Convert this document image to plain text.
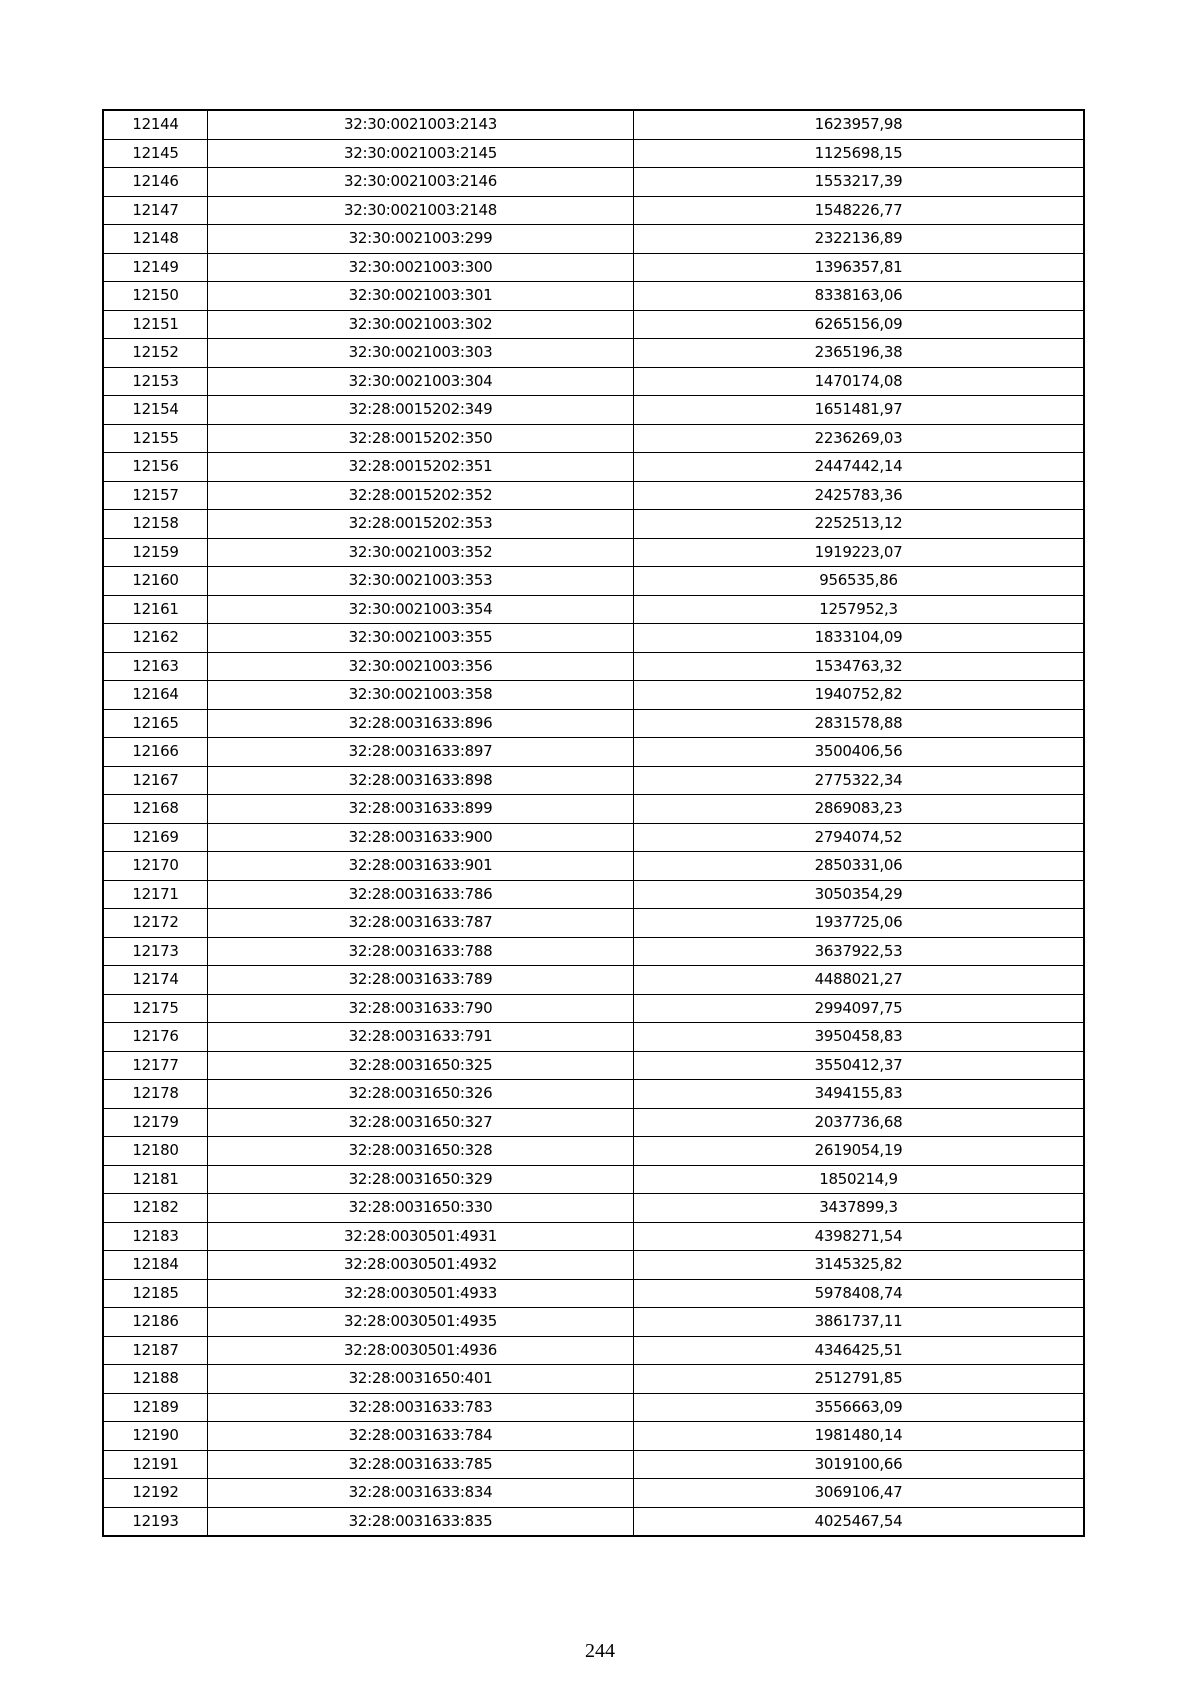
12144	32:30:0021003:2143	1623957,98
12145	32:30:0021003:2145	1125698,15
12146	32:30:0021003:2146	1553217,39
12147	32:30:0021003:2148	1548226,77
12148	32:30:0021003:299	2322136,89
12149	32:30:0021003:300	1396357,81
12150	32:30:0021003:301	8338163,06
12151	32:30:0021003:302	6265156,09
12152	32:30:0021003:303	2365196,38
12153	32:30:0021003:304	1470174,08
12154	32:28:0015202:349	1651481,97
12155	32:28:0015202:350	2236269,03
12156	32:28:0015202:351	2447442,14
12157	32:28:0015202:352	2425783,36
12158	32:28:0015202:353	2252513,12
12159	32:30:0021003:352	1919223,07
12160	32:30:0021003:353	956535,86
12161	32:30:0021003:354	1257952,3
12162	32:30:0021003:355	1833104,09
12163	32:30:0021003:356	1534763,32
12164	32:30:0021003:358	1940752,82
12165	32:28:0031633:896	2831578,88
12166	32:28:0031633:897	3500406,56
12167	32:28:0031633:898	2775322,34
12168	32:28:0031633:899	2869083,23
12169	32:28:0031633:900	2794074,52
12170	32:28:0031633:901	2850331,06
12171	32:28:0031633:786	3050354,29
12172	32:28:0031633:787	1937725,06
12173	32:28:0031633:788	3637922,53
12174	32:28:0031633:789	4488021,27
12175	32:28:0031633:790	2994097,75
12176	32:28:0031633:791	3950458,83
12177	32:28:0031650:325	3550412,37
12178	32:28:0031650:326	3494155,83
12179	32:28:0031650:327	2037736,68
12180	32:28:0031650:328	2619054,19
12181	32:28:0031650:329	1850214,9
12182	32:28:0031650:330	3437899,3
12183	32:28:0030501:4931	4398271,54
12184	32:28:0030501:4932	3145325,82
12185	32:28:0030501:4933	5978408,74
12186	32:28:0030501:4935	3861737,11
12187	32:28:0030501:4936	4346425,51
12188	32:28:0031650:401	2512791,85
12189	32:28:0031633:783	3556663,09
12190	32:28:0031633:784	1981480,14
12191	32:28:0031633:785	3019100,66
12192	32:28:0031633:834	3069106,47
12193	32:28:0031633:835	4025467,54
244
